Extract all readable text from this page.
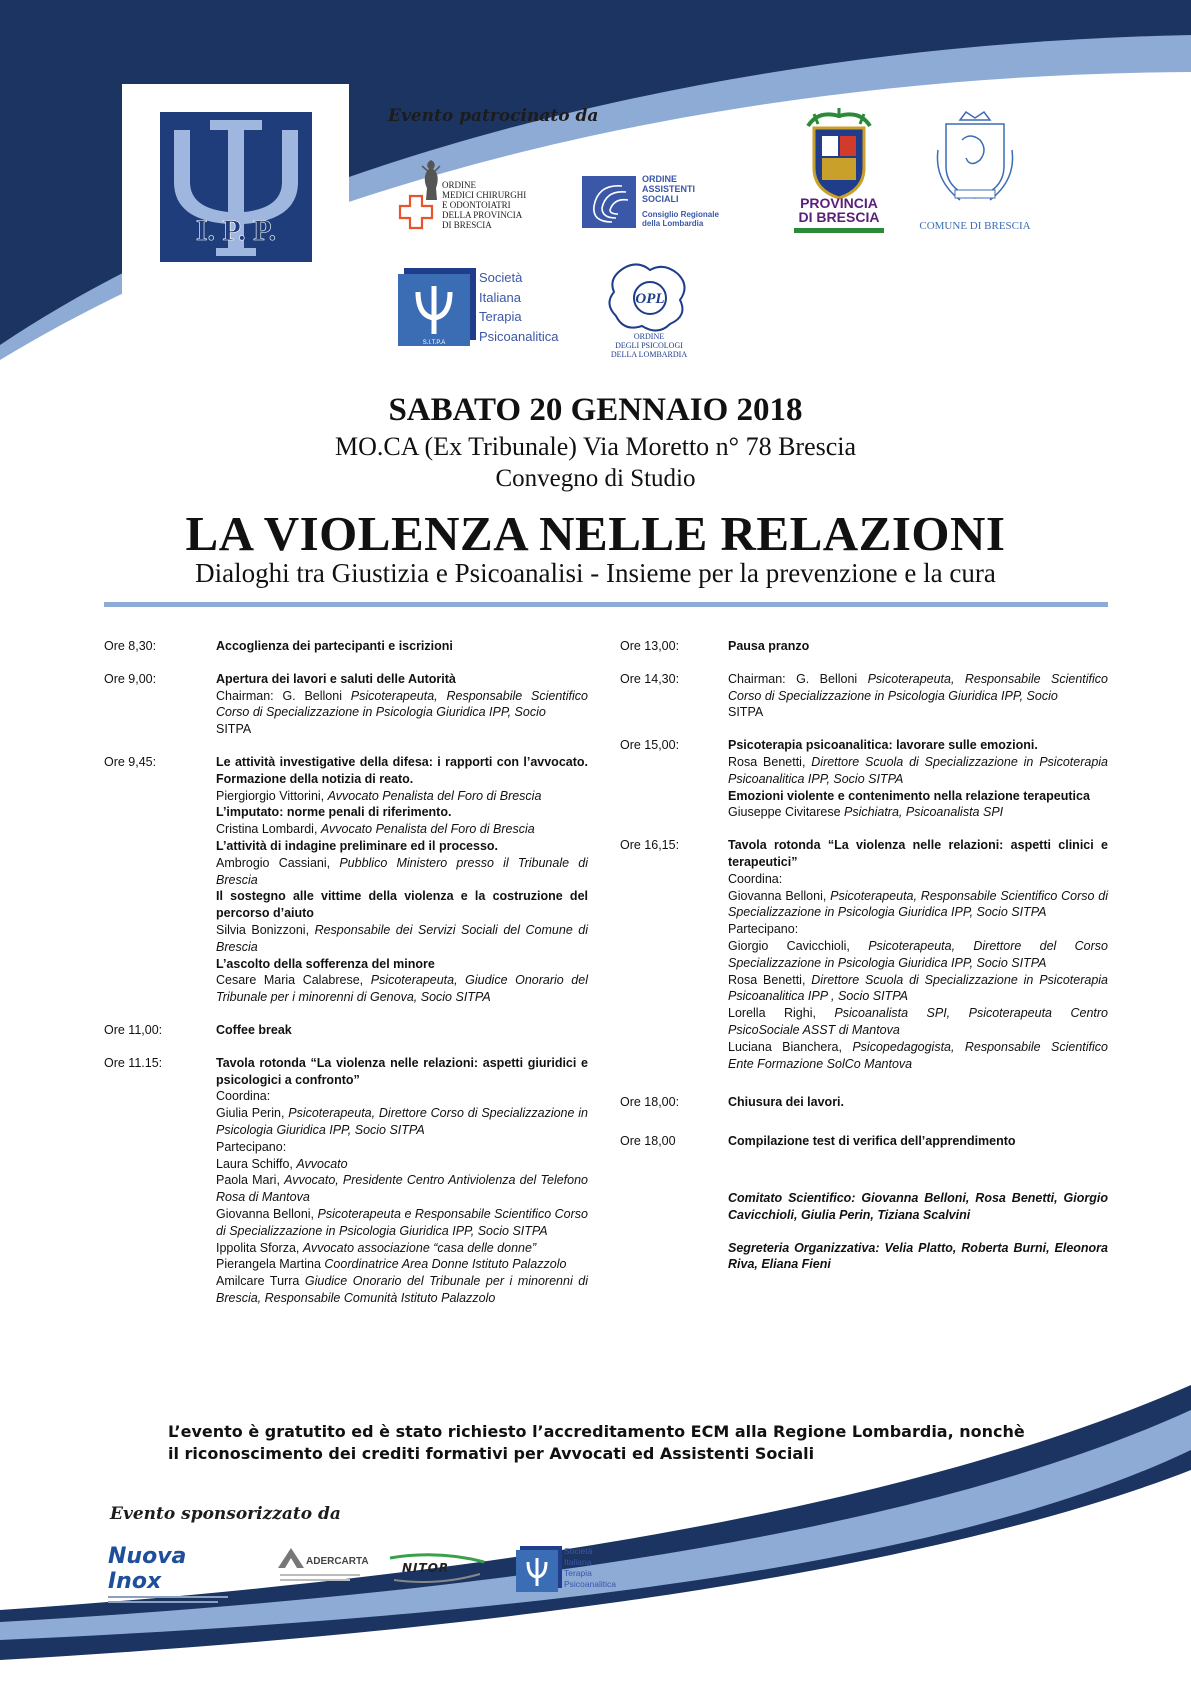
I. P. P.
Evento patrocinato da
ORDINE
MEDICI CHIRURGHI
E ODONTOIATRI
DELLA PROVINCIA
DI BRESCIA
ORDINE
ASSISTENTI
SOCIALI
Consiglio Regionale
della Lombardia
PROVINCIA
DI BRESCIA
COMUNE DI BRESCIA
S.I.T.P.A
Società
Italiana
Terapia
Psicoanalitica
OPL
ORDINE
DEGLI PSICOLOGI
DELLA LOMBARDIA
SABATO 20 GENNAIO 2018
MO.CA (Ex Tribunale) Via Moretto n° 78 Brescia
Convegno di Studio
LA VIOLENZA NELLE RELAZIONI
Dialoghi tra Giustizia e Psicoanalisi - Insieme per la prevenzione e la cura
Ore 8,30:	Accoglienza dei partecipanti e iscrizioni
Ore 9,00:	Apertura dei lavori e saluti delle Autorità
Chairman: G. Belloni Psicoterapeuta, Responsabile Scientifico Corso di Specializzazione in Psicologia Giuridica IPP, Socio
SITPA
Ore 9,45:	Le attività investigative della difesa: i rapporti con l’avvocato. Formazione della notizia di reato.
Piergiorgio Vittorini, Avvocato Penalista del Foro di Brescia
L’imputato: norme penali di riferimento.
Cristina Lombardi, Avvocato Penalista del Foro di Brescia
L’attività di indagine preliminare ed il processo.
Ambrogio Cassiani, Pubblico Ministero presso il Tribunale di Brescia
Il sostegno alle vittime della violenza e la costruzione del percorso d’aiuto
Silvia Bonizzoni, Responsabile dei Servizi Sociali del Comune di Brescia
L’ascolto della sofferenza del minore
Cesare Maria Calabrese, Psicoterapeuta, Giudice Onorario del Tribunale per i minorenni di Genova, Socio SITPA
Ore 11,00:	Coffee break
Ore 11.15:	Tavola rotonda “La violenza nelle relazioni: aspetti giuridici e psicologici a confronto”
Coordina:
Giulia Perin, Psicoterapeuta, Direttore Corso di Specializzazione in Psicologia Giuridica IPP, Socio SITPA
Partecipano:
Laura Schiffo, Avvocato
Paola Mari, Avvocato, Presidente Centro Antiviolenza del Telefono Rosa di Mantova
Giovanna Belloni, Psicoterapeuta e Responsabile Scientifico Corso di Specializzazione in Psicologia Giuridica IPP, Socio SITPA
Ippolita Sforza, Avvocato associazione “casa delle donne”
Pierangela Martina Coordinatrice Area Donne Istituto Palazzolo
Amilcare Turra Giudice Onorario del Tribunale per i minorenni di Brescia, Responsabile Comunità Istituto Palazzolo
Ore 13,00:	Pausa pranzo
Ore 14,30:	Chairman: G. Belloni Psicoterapeuta, Responsabile Scientifico Corso di Specializzazione in Psicologia Giuridica IPP, Socio
SITPA
Ore 15,00:	Psicoterapia psicoanalitica: lavorare sulle emozioni.
Rosa Benetti, Direttore Scuola di Specializzazione in Psicoterapia Psicoanalitica IPP, Socio SITPA
Emozioni violente e contenimento nella relazione terapeutica
Giuseppe Civitarese Psichiatra, Psicoanalista SPI
Ore 16,15:	Tavola rotonda “La violenza nelle relazioni: aspetti clinici e terapeutici”
Coordina:
Giovanna Belloni, Psicoterapeuta, Responsabile Scientifico Corso di Specializzazione in Psicologia Giuridica IPP, Socio SITPA
Partecipano:
Giorgio Cavicchioli, Psicoterapeuta, Direttore del Corso Specializzazione in Psicologia Giuridica IPP, Socio SITPA
Rosa Benetti, Direttore Scuola di Specializzazione in Psicoterapia Psicoanalitica IPP , Socio SITPA
Lorella Righi, Psicoanalista SPI, Psicoterapeuta Centro PsicoSociale ASST di Mantova
Luciana Bianchera, Psicopedagogista, Responsabile Scientifico Ente Formazione SolCo Mantova
Ore 18,00:	Chiusura dei lavori.
Ore 18,00	Compilazione test di verifica dell’apprendimento
Comitato Scientifico: Giovanna Belloni, Rosa Benetti, Giorgio Cavicchioli, Giulia Perin, Tiziana Scalvini
Segreteria Organizzativa: Velia Platto, Roberta Burni, Eleonora Riva, Eliana Fieni
L’evento è gratutito ed è stato richiesto l’accreditamento ECM alla Regione Lombardia, nonchè
il riconoscimento dei crediti formativi per Avvocati ed Assistenti Sociali
Evento sponsorizzato da
Nuova Inox
ADERCARTA	NITOR
Società
Italiana
Terapia
Psicoanalitica
